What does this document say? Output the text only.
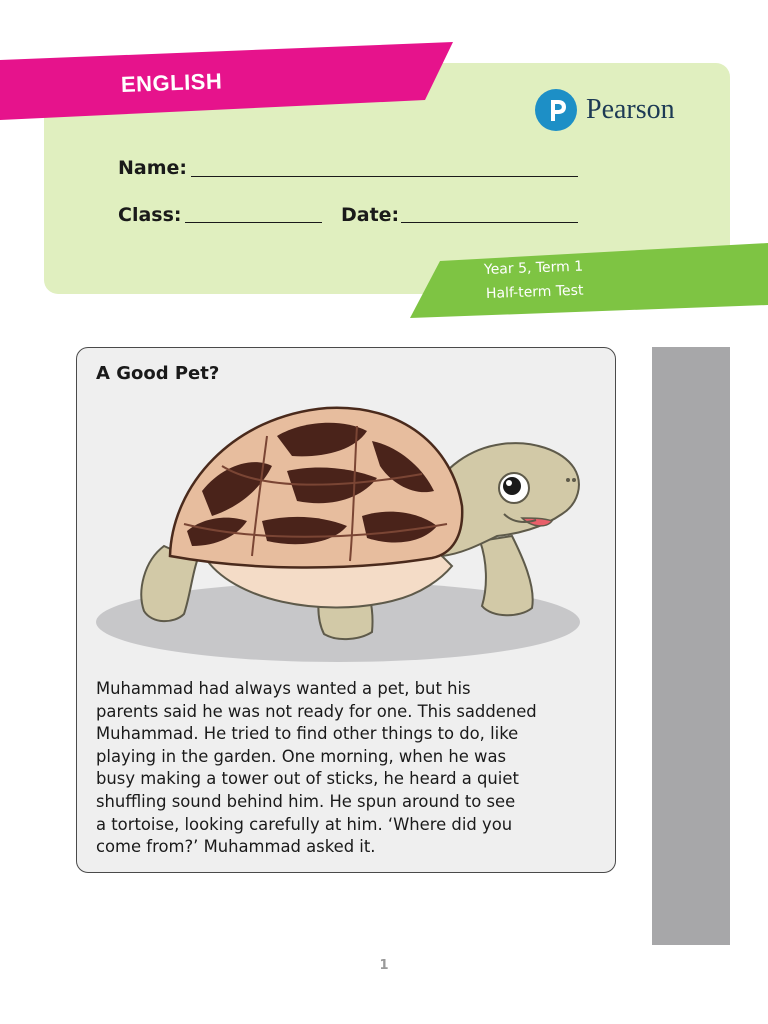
ENGLISH
Pearson
Name:
Class:	Date:
Year 5, Term 1
Half-term Test
A Good Pet?
Muhammad had always wanted a pet, but his
parents said he was not ready for one. This saddened
Muhammad. He tried to find other things to do, like
playing in the garden. One morning, when he was
busy making a tower out of sticks, he heard a quiet
shuffling sound behind him. He spun around to see
a tortoise, looking carefully at him. ‘Where did you
come from?’ Muhammad asked it.
1
